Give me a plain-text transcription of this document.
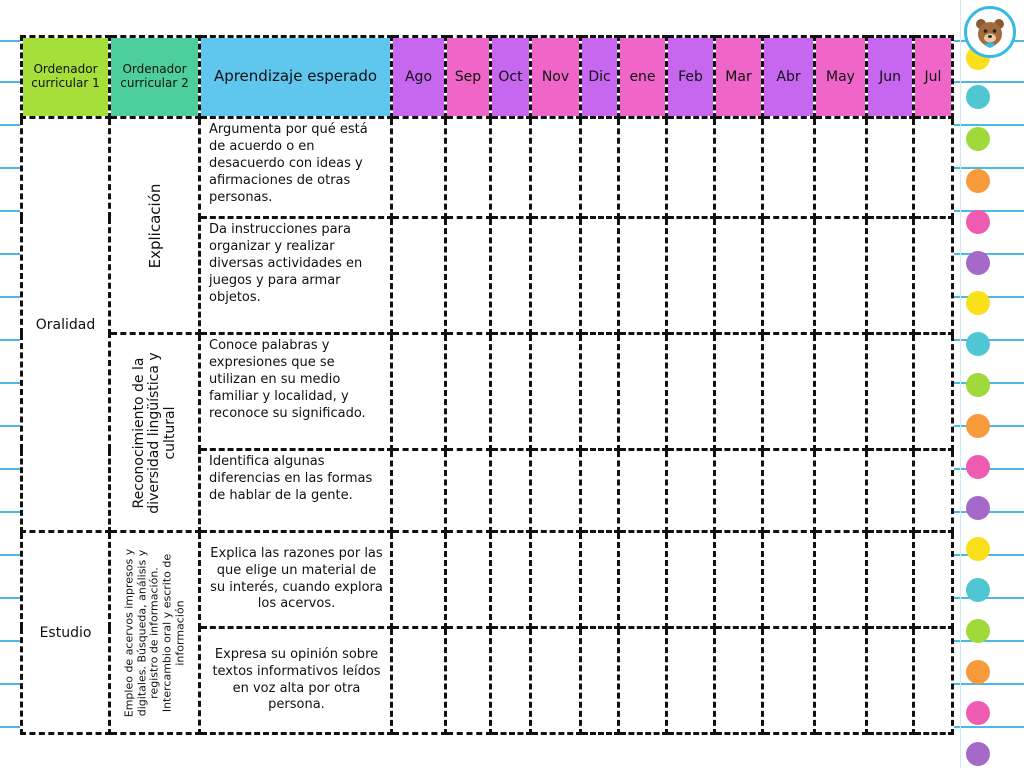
Ordenador curricular 1	Ordenador curricular 2	Aprendizaje esperado	Ago	Sep	Oct	Nov	Dic	ene	Feb	Mar	Abr	May	Jun	Jul
Oralidad	Explicación	Argumenta por qué está de acuerdo o en desacuerdo con ideas y afirmaciones de otras personas.												
		Da instrucciones para organizar y realizar diversas actividades en juegos y para armar objetos.												

	Reconocimiento de la diversidad lingüística y cultural	Conoce palabras y expresiones que se utilizan en su medio familiar y localidad, y reconoce su significado.												
		Identifica algunas diferencias en las formas de hablar de la gente.												
Estudio	Empleo de acervos impresos y digitales. Búsqueda, análisis y registro de información. Intercambio oral y escrito de información	Explica las razones por las que elige un material de su interés, cuando explora los acervos.												
		Expresa su opinión sobre textos informativos leídos en voz alta por otra persona.												
